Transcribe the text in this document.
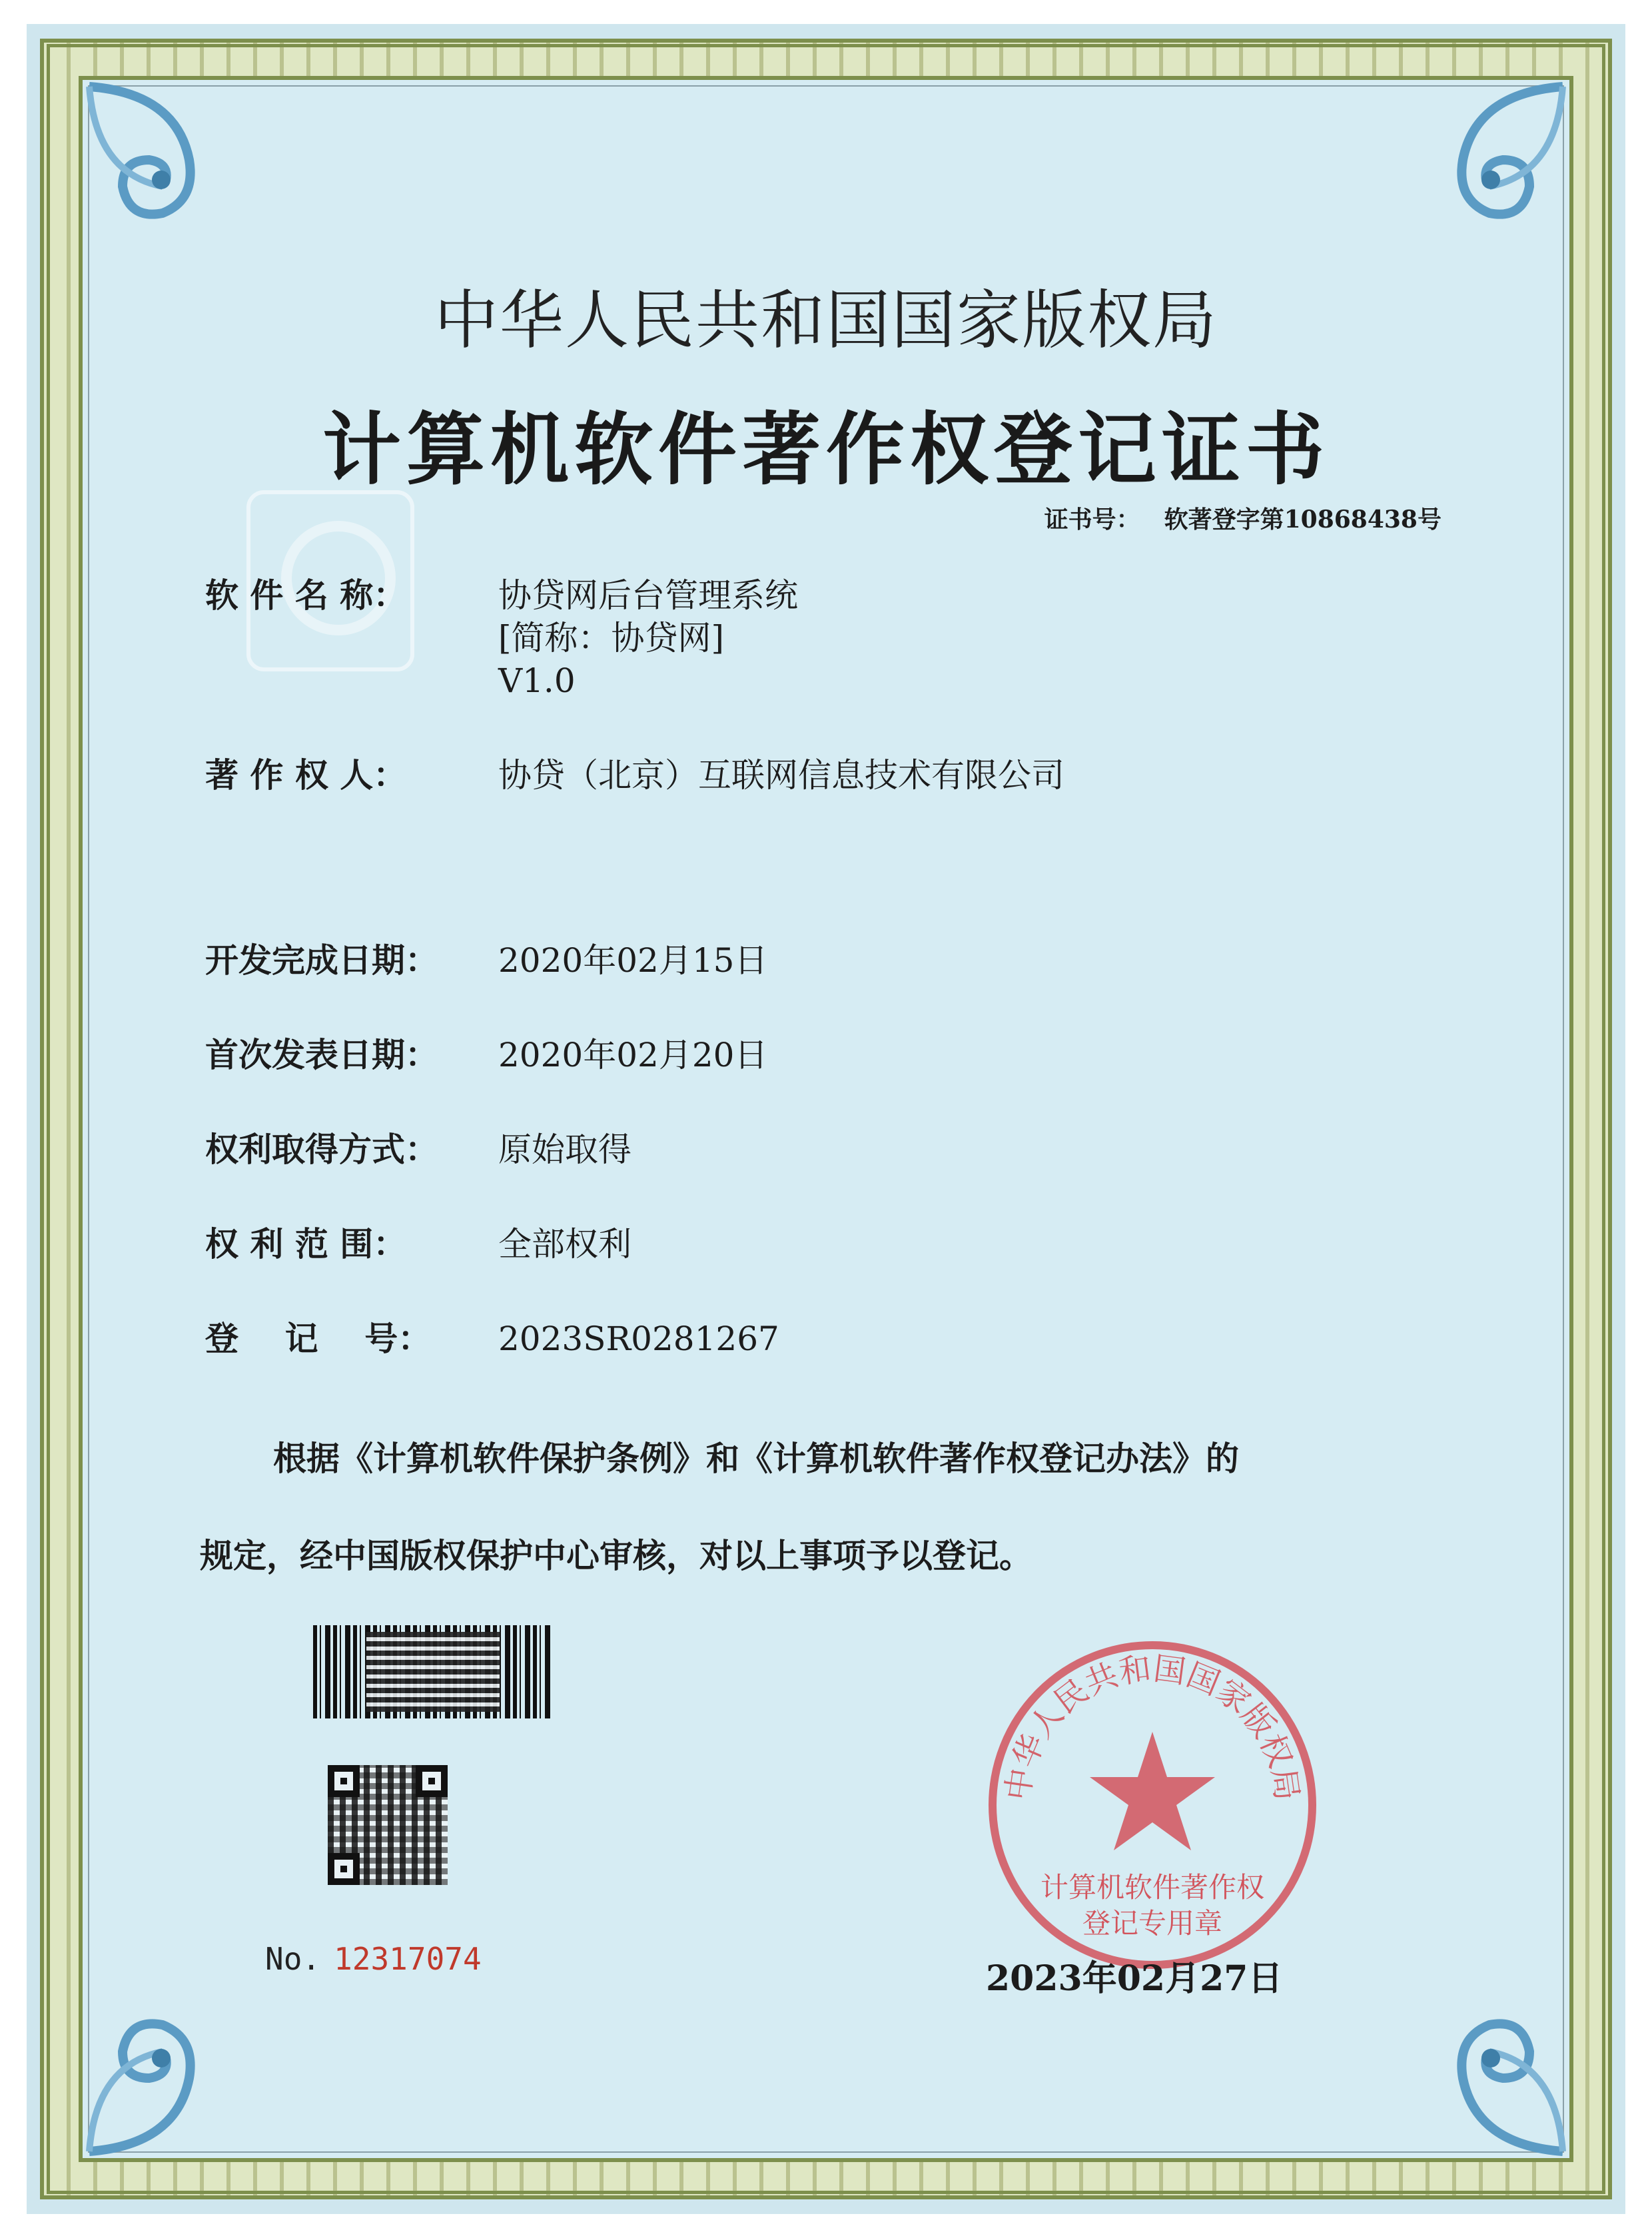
中华人民共和国国家版权局
计算机软件著作权登记证书
证书号： 软著登字第10868438号
软 件 名 称：	协贷网后台管理系统
[简称：协贷网]
V1.0
著 作 权 人：	协贷（北京）互联网信息技术有限公司
开发完成日期： 2020年02月15日
首次发表日期： 2020年02月20日
权利取得方式： 原始取得
权 利 范 围：	全部权利
登    记    号： 2023SR0281267
根据《计算机软件保护条例》和《计算机软件著作权登记办法》的
规定，经中国版权保护中心审核，对以上事项予以登记。
No. 12317074
中华人民共和国国家版权局
计算机软件著作权
登记专用章
2023年02月27日
